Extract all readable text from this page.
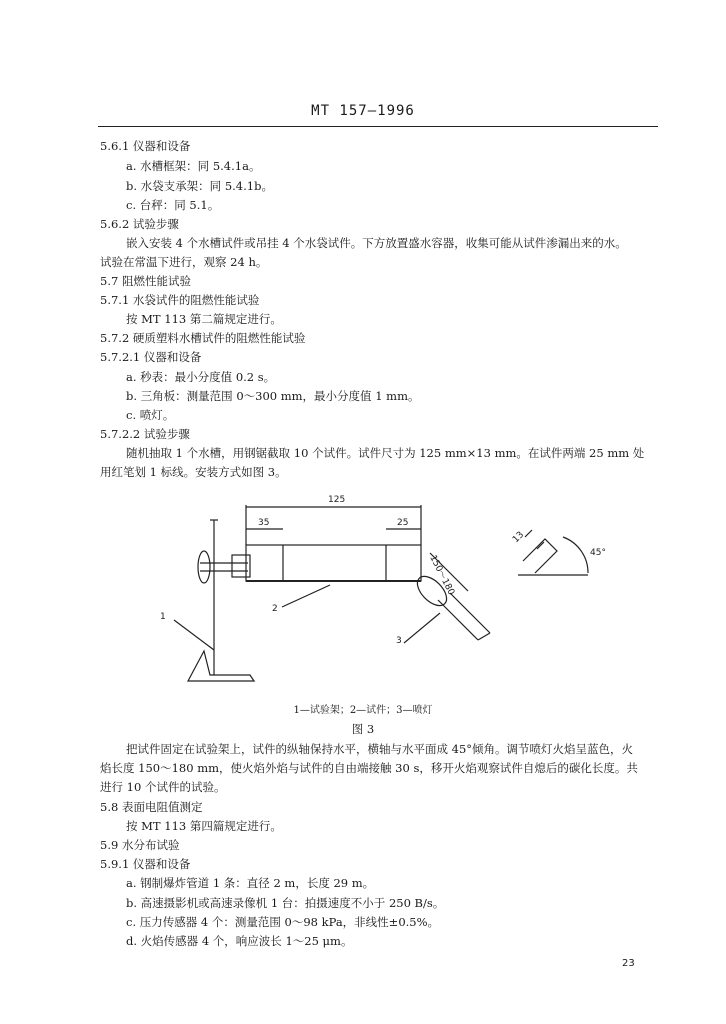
MT 157—1996
5.6.1 仪器和设备
a. 水槽框架：同 5.4.1a。
b. 水袋支承架：同 5.4.1b。
c. 台秤：同 5.1。
5.6.2 试验步骤
嵌入安装 4 个水槽试件或吊挂 4 个水袋试件。下方放置盛水容器，收集可能从试件渗漏出来的水。
试验在常温下进行，观察 24 h。
5.7 阻燃性能试验
5.7.1 水袋试件的阻燃性能试验
按 MT 113 第二篇规定进行。
5.7.2 硬质塑料水槽试件的阻燃性能试验
5.7.2.1 仪器和设备
a. 秒表：最小分度值 0.2 s。
b. 三角板：测量范围 0～300 mm，最小分度值 1 mm。
c. 喷灯。
5.7.2.2 试验步骤
随机抽取 1 个水槽，用钢锯截取 10 个试件。试件尺寸为 125 mm×13 mm。在试件两端 25 mm 处
用红笔划 1 标线。安装方式如图 3。
125
35	25
150～180
1
2
3
13
45°
1—试验架；2—试件；3—喷灯
图 3
把试件固定在试验架上，试件的纵轴保持水平，横轴与水平面成 45°倾角。调节喷灯火焰呈蓝色，火
焰长度 150～180 mm，使火焰外焰与试件的自由端接触 30 s，移开火焰观察试件自熄后的碳化长度。共
进行 10 个试件的试验。
5.8 表面电阻值测定
按 MT 113 第四篇规定进行。
5.9 水分布试验
5.9.1 仪器和设备
a. 钢制爆炸管道 1 条：直径 2 m，长度 29 m。
b. 高速摄影机或高速录像机 1 台：拍摄速度不小于 250 B/s。
c. 压力传感器 4 个：测量范围 0～98 kPa，非线性±0.5%。
d. 火焰传感器 4 个，响应波长 1～25 μm。
23
